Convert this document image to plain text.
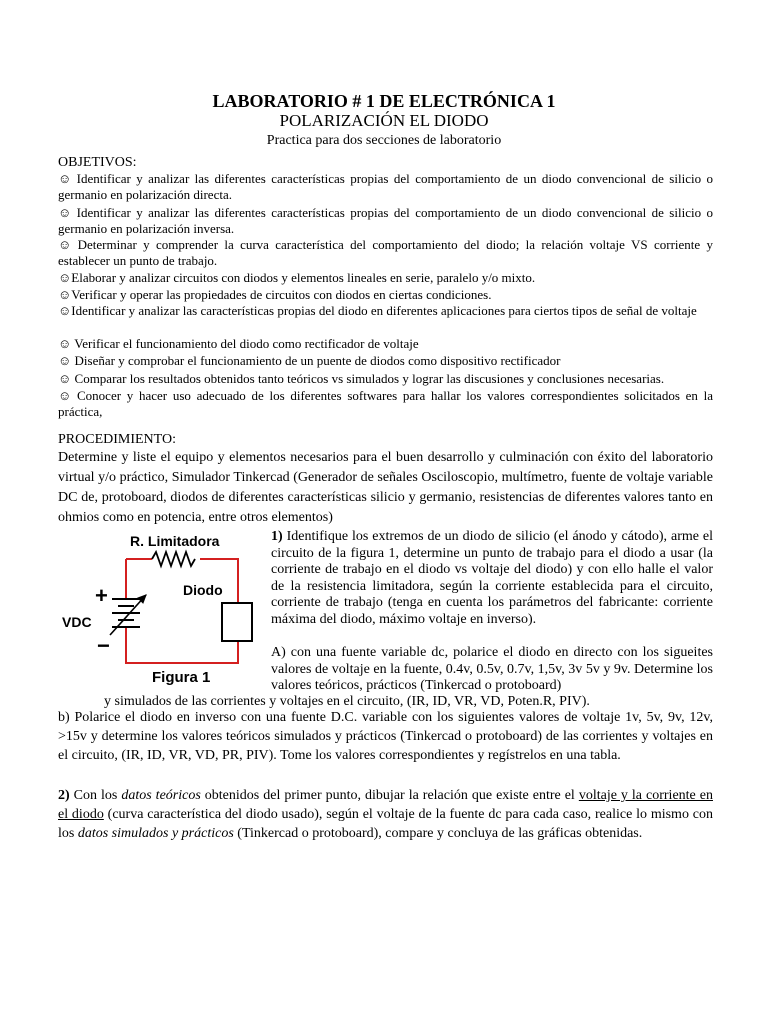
LABORATORIO # 1 DE ELECTRÓNICA 1
POLARIZACIÓN EL DIODO
Practica para dos secciones de laboratorio
OBJETIVOS:
☺ Identificar y analizar las diferentes características propias del comportamiento de un diodo convencional de silicio o germanio en polarización directa.
☺ Identificar y analizar las diferentes características propias del comportamiento de un diodo convencional de silicio o germanio en polarización inversa.
☺ Determinar y comprender la curva característica del comportamiento del diodo; la relación voltaje VS corriente y establecer un punto de trabajo.
☺Elaborar y analizar circuitos con diodos y elementos lineales en serie, paralelo y/o mixto.
☺Verificar y operar las propiedades de circuitos con diodos en ciertas condiciones.
☺Identificar y analizar las características propias del diodo en diferentes aplicaciones para ciertos tipos de señal de voltaje
☺ Verificar el funcionamiento del diodo como rectificador de voltaje
☺ Diseñar y comprobar el funcionamiento de un puente de diodos como dispositivo rectificador
☺ Comparar los resultados obtenidos tanto teóricos vs simulados y lograr las discusiones y conclusiones necesarias.
☺ Conocer y hacer uso adecuado de los diferentes softwares para hallar los valores correspondientes solicitados en la práctica,
PROCEDIMIENTO:
Determine y liste el equipo y elementos necesarios para el buen desarrollo y culminación con éxito del laboratorio virtual y/o práctico, Simulador Tinkercad (Generador de señales Osciloscopio, multímetro, fuente de voltaje variable DC de, protoboard, diodos de diferentes características silicio y germanio, resistencias de diferentes valores tanto en ohmios como en potencia, entre otros elementos)
R. Limitadora
Diodo
VDC
+
−
Figura 1
1) Identifique los extremos de un diodo de silicio (el ánodo y cátodo), arme el circuito de la figura 1, determine un punto de trabajo para el diodo a usar (la corriente de trabajo en el diodo vs voltaje del diodo) y con ello halle el valor de la resistencia limitadora, según la corriente establecida para el circuito, corriente de trabajo (tenga en cuenta los parámetros del fabricante: corriente máxima del diodo, máximo voltaje en inverso).
A) con una fuente variable dc, polarice el diodo en directo con los sigueites valores de voltaje en la fuente, 0.4v, 0.5v, 0.7v, 1,5v, 3v 5v y 9v. Determine los valores teóricos, prácticos (Tinkercad o protoboard)
y simulados de las corrientes y voltajes en el circuito, (IR, ID, VR, VD, Poten.R, PIV).
b) Polarice el diodo en inverso con una fuente D.C. variable con los siguientes valores de voltaje 1v, 5v, 9v, 12v, >15v y determine los valores teóricos simulados y prácticos (Tinkercad o protoboard) de las corrientes y voltajes en el circuito, (IR, ID, VR, VD, PR, PIV). Tome los valores correspondientes y regístrelos en una tabla.
2) Con los datos teóricos obtenidos del primer punto, dibujar la relación que existe entre el voltaje y la corriente en el diodo (curva característica del diodo usado), según el voltaje de la fuente dc para cada caso, realice lo mismo con los datos simulados y prácticos (Tinkercad o protoboard), compare y concluya de las gráficas obtenidas.
